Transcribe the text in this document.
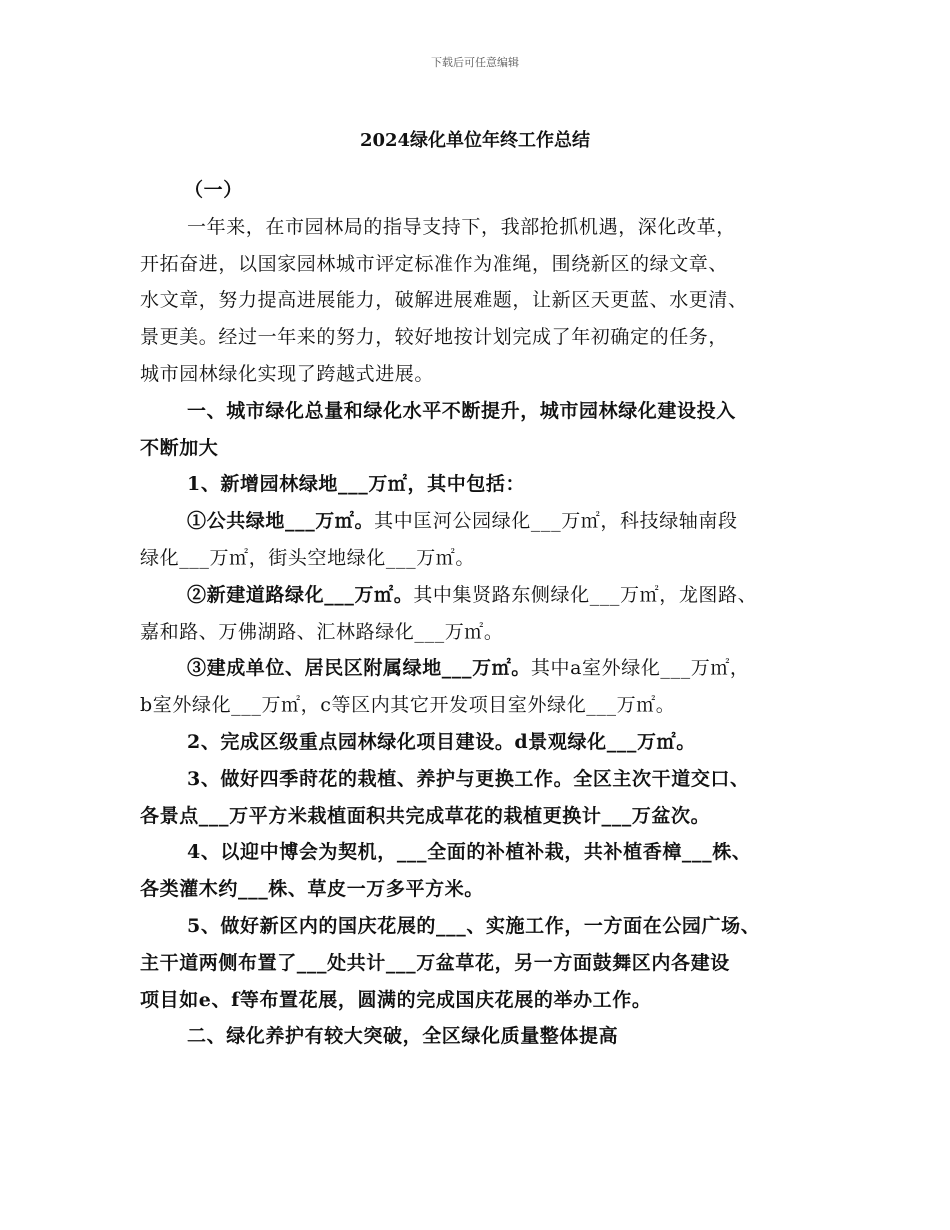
下载后可任意编辑
2024绿化单位年终工作总结

（一）

一年来，在市园林局的指导支持下，我部抢抓机遇，深化改革，

开拓奋进，以国家园林城市评定标准作为准绳，围绕新区的绿文章、

水文章，努力提高进展能力，破解进展难题，让新区天更蓝、水更清、

景更美。经过一年来的努力，较好地按计划完成了年初确定的任务，

城市园林绿化实现了跨越式进展。

一、城市绿化总量和绿化水平不断提升，城市园林绿化建设投入

不断加大

1、新增园林绿地___万㎡，其中包括：

①公共绿地___万㎡。其中匡河公园绿化___万㎡，科技绿轴南段

绿化___万㎡，街头空地绿化___万㎡。

②新建道路绿化___万㎡。其中集贤路东侧绿化___万㎡，龙图路、

嘉和路、万佛湖路、汇林路绿化___万㎡。

③建成单位、居民区附属绿地___万㎡。其中a室外绿化___万㎡，

b室外绿化___万㎡，c等区内其它开发项目室外绿化___万㎡。

2、完成区级重点园林绿化项目建设。d景观绿化___万㎡。

3、做好四季莳花的栽植、养护与更换工作。全区主次干道交口、

各景点___万平方米栽植面积共完成草花的栽植更换计___万盆次。

4、以迎中博会为契机，___全面的补植补栽，共补植香樟___株、

各类灌木约___株、草皮一万多平方米。

5、做好新区内的国庆花展的___、实施工作，一方面在公园广场、

主干道两侧布置了___处共计___万盆草花，另一方面鼓舞区内各建设

项目如e、f等布置花展，圆满的完成国庆花展的举办工作。

二、绿化养护有较大突破，全区绿化质量整体提高
